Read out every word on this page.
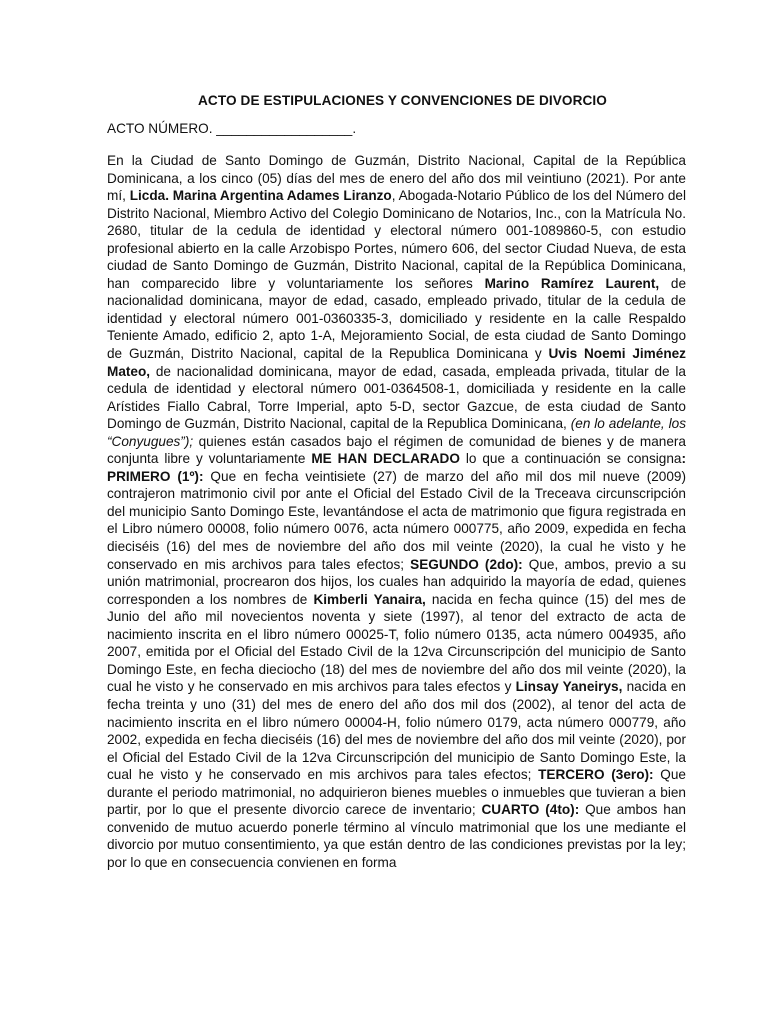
ACTO DE ESTIPULACIONES Y CONVENCIONES DE DIVORCIO
ACTO NÚMERO. __________________.

En la Ciudad de Santo Domingo de Guzmán, Distrito Nacional, Capital de la República Dominicana, a los cinco (05) días del mes de enero del año dos mil veintiuno (2021). Por ante mí, Licda. Marina Argentina Adames Liranzo, Abogada-Notario Público de los del Número del Distrito Nacional, Miembro Activo del Colegio Dominicano de Notarios, Inc., con la Matrícula No. 2680, titular de la cedula de identidad y electoral número 001-1089860-5, con estudio profesional abierto en la calle Arzobispo Portes, número 606, del sector Ciudad Nueva, de esta ciudad de Santo Domingo de Guzmán, Distrito Nacional, capital de la República Dominicana, han comparecido libre y voluntariamente los señores Marino Ramírez Laurent, de nacionalidad dominicana, mayor de edad, casado, empleado privado, titular de la cedula de identidad y electoral número 001-0360335-3, domiciliado y residente en la calle Respaldo Teniente Amado, edificio 2, apto 1-A, Mejoramiento Social, de esta ciudad de Santo Domingo de Guzmán, Distrito Nacional, capital de la Republica Dominicana y Uvis Noemi Jiménez Mateo, de nacionalidad dominicana, mayor de edad, casada, empleada privada, titular de la cedula de identidad y electoral número 001-0364508-1, domiciliada y residente en la calle Arístides Fiallo Cabral, Torre Imperial, apto 5-D, sector Gazcue, de esta ciudad de Santo Domingo de Guzmán, Distrito Nacional, capital de la Republica Dominicana, (en lo adelante, los “Conyugues”); quienes están casados bajo el régimen de comunidad de bienes y de manera conjunta libre y voluntariamente ME HAN DECLARADO lo que a continuación se consigna: PRIMERO (1º): Que en fecha veintisiete (27) de marzo del año mil dos mil nueve (2009) contrajeron matrimonio civil por ante el Oficial del Estado Civil de la Treceava circunscripción del municipio Santo Domingo Este, levantándose el acta de matrimonio que figura registrada en el Libro número 00008, folio número 0076, acta número 000775, año 2009, expedida en fecha dieciséis (16) del mes de noviembre del año dos mil veinte (2020), la cual he visto y he conservado en mis archivos para tales efectos; SEGUNDO (2do): Que, ambos, previo a su unión matrimonial, procrearon dos hijos, los cuales han adquirido la mayoría de edad, quienes corresponden a los nombres de Kimberli Yanaira, nacida en fecha quince (15) del mes de Junio del año mil novecientos noventa y siete (1997), al tenor del extracto de acta de nacimiento inscrita en el libro número 00025-T, folio número 0135, acta número 004935, año 2007, emitida por el Oficial del Estado Civil de la 12va Circunscripción del municipio de Santo Domingo Este, en fecha dieciocho (18) del mes de noviembre del año dos mil veinte (2020), la cual he visto y he conservado en mis archivos para tales efectos y Linsay Yaneirys, nacida en fecha treinta y uno (31) del mes de enero del año dos mil dos (2002), al tenor del acta de nacimiento inscrita en el libro número 00004-H, folio número 0179, acta número 000779, año 2002, expedida en fecha dieciséis (16) del mes de noviembre del año dos mil veinte (2020), por el Oficial del Estado Civil de la 12va Circunscripción del municipio de Santo Domingo Este, la cual he visto y he conservado en mis archivos para tales efectos; TERCERO (3ero): Que durante el periodo matrimonial, no adquirieron bienes muebles o inmuebles que tuvieran a bien partir, por lo que el presente divorcio carece de inventario; CUARTO (4to): Que ambos han convenido de mutuo acuerdo ponerle término al vínculo matrimonial que los une mediante el divorcio por mutuo consentimiento, ya que están dentro de las condiciones previstas por la ley; por lo que en consecuencia convienen en forma
